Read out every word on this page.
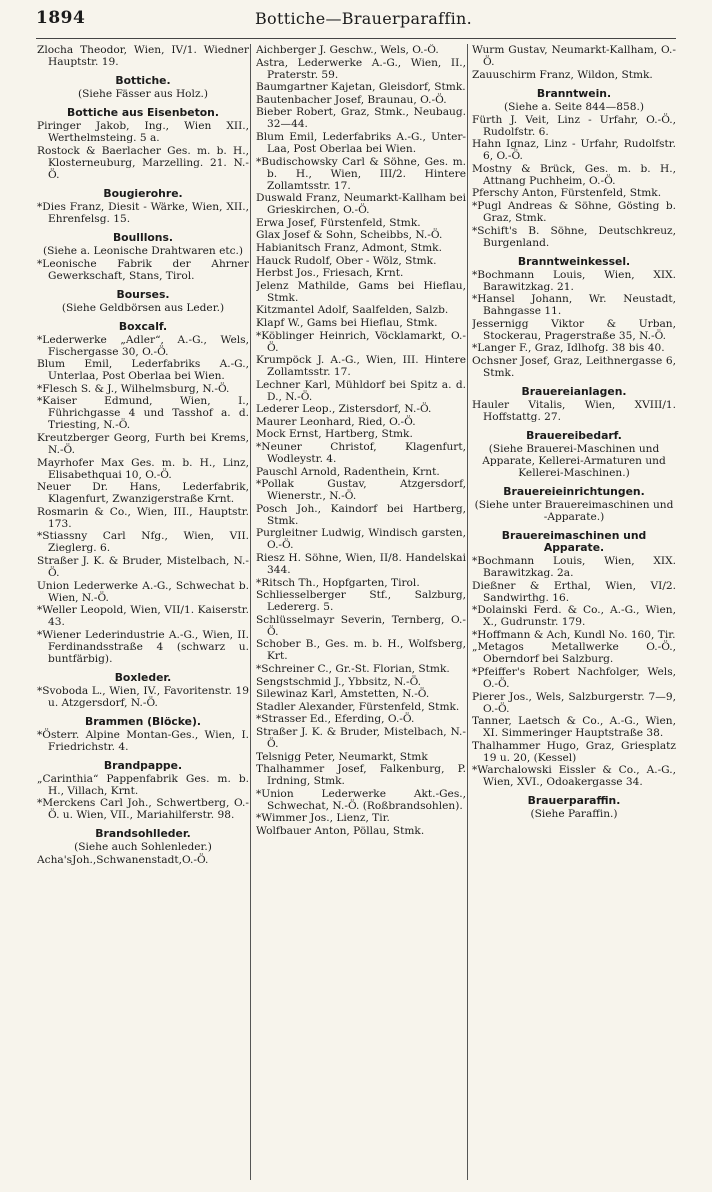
1894	Bottiche—Brauerparaffin.
Zlocha Theodor, Wien, IV/1. Wiedner Hauptstr. 19.
Bottiche.
(Siehe Fässer aus Holz.)
Bottiche aus Eisenbeton.
Piringer Jakob, Ing., Wien XII., Werthelmsteing. 5 a.
Rostock & Baerlacher Ges. m. b. H., Klosterneuburg, Marzelling. 21. N.-Ö.
Bougierohre.
*Dies Franz, Diesit - Wärke, Wien, XII., Ehrenfelsg. 15.
Boulllons.
(Siehe a. Leonische Drahtwaren etc.)
*Leonische Fabrik der Ahrner Gewerkschaft, Stans, Tirol.
Bourses.
(Siehe Geldbörsen aus Leder.)
Boxcalf.
*Lederwerke „Adler“, A.-G., Wels, Fischergasse 30, O.-Ö.
Blum Emil, Lederfabriks A.-G., Unterlaa, Post Oberlaa bei Wien.
*Flesch S. & J., Wilhelmsburg, N.-Ö.
*Kaiser Edmund, Wien, I., Führichgasse 4 und Tasshof a. d. Triesting, N.-Ö.
Kreutzberger Georg, Furth bei Krems, N.-Ö.
Mayrhofer Max Ges. m. b. H., Linz, Elisabethquai 10, O.-Ö.
Neuer Dr. Hans, Lederfabrik, Klagenfurt, Zwanzigerstraße Krnt.
Rosmarin & Co., Wien, III., Hauptstr. 173.
*Stiassny Carl Nfg., Wien, VII. Zieglerg. 6.
Straßer J. K. & Bruder, Mistelbach, N.-Ö.
Union Lederwerke A.-G., Schwechat b. Wien, N.-Ö.
*Weller Leopold, Wien, VII/1. Kaiserstr. 43.
*Wiener Lederindustrie A.-G., Wien, II. Ferdinandsstraße 4 (schwarz u. buntfärbig).
Boxleder.
*Svoboda L., Wien, IV., Favoritenstr. 19 u. Atzgersdorf, N.-Ö.
Brammen (Blöcke).
*Österr. Alpine Montan-Ges., Wien, I. Friedrichstr. 4.
Brandpappe.
„Carinthia“ Pappenfabrik Ges. m. b. H., Villach, Krnt.
*Merckens Carl Joh., Schwertberg, O.-Ö. u. Wien, VII., Mariahilferstr. 98.
Brandsohlleder.
(Siehe auch Sohlenleder.)
Acha'sJoh.,Schwanenstadt,O.-Ö.
Aichberger J. Geschw., Wels, O.-Ö.
Astra, Lederwerke A.-G., Wien, II., Praterstr. 59.
Baumgartner Kajetan, Gleisdorf, Stmk.
Bautenbacher Josef, Braunau, O.-Ö.
Bieber Robert, Graz, Stmk., Neubaug. 32—44.
Blum Emil, Lederfabriks A.-G., Unter-Laa, Post Oberlaa bei Wien.
*Budischowsky Carl & Söhne, Ges. m. b. H., Wien, III/2. Hintere Zollamtsstr. 17.
Duswald Franz, Neumarkt-Kallham bei Grieskirchen, O.-Ö.
Erwa Josef, Fürstenfeld, Stmk.
Glax Josef & Sohn, Scheibbs, N.-Ö.
Habianitsch Franz, Admont, Stmk.
Hauck Rudolf, Ober - Wölz, Stmk.
Herbst Jos., Friesach, Krnt.
Jelenz Mathilde, Gams bei Hieflau, Stmk.
Kitzmantel Adolf, Saalfelden, Salzb.
Klapf W., Gams bei Hieflau, Stmk.
*Köblinger Heinrich, Vöcklamarkt, O.-Ö.
Krumpöck J. A.-G., Wien, III. Hintere Zollamtsstr. 17.
Lechner Karl, Mühldorf bei Spitz a. d. D., N.-Ö.
Lederer Leop., Zistersdorf, N.-Ö.
Maurer Leonhard, Ried, O.-Ö.
Mock Ernst, Hartberg, Stmk.
*Neuner Christof, Klagenfurt, Wodleystr. 4.
Pauschl Arnold, Radenthein, Krnt.
*Pollak Gustav, Atzgersdorf, Wienerstr., N.-Ö.
Posch Joh., Kaindorf bei Hartberg, Stmk.
Purgleitner Ludwig, Windisch garsten, O.-Ö.
Riesz H. Söhne, Wien, II/8. Handelskai 344.
*Ritsch Th., Hopfgarten, Tirol.
Schliesselberger Stf., Salzburg, Ledererg. 5.
Schlüsselmayr Severin, Ternberg, O.-Ö.
Schober B., Ges. m. b. H., Wolfsberg, Krt.
*Schreiner C., Gr.-St. Florian, Stmk.
Sengstschmid J., Ybbsitz, N.-Ö.
Silewinaz Karl, Amstetten, N.-Ö.
Stadler Alexander, Fürstenfeld, Stmk.
*Strasser Ed., Eferding, O.-Ö.
Straßer J. K. & Bruder, Mistelbach, N.-Ö.
Telsnigg Peter, Neumarkt, Stmk
Thalhammer Josef, Falkenburg, P. Irdning, Stmk.
*Union Lederwerke Akt.-Ges., Schwechat, N.-Ö. (Roßbrandsohlen).
*Wimmer Jos., Lienz, Tir.
Wolfbauer Anton, Pöllau, Stmk.
Wurm Gustav, Neumarkt-Kallham, O.-Ö.
Zauuschirm Franz, Wildon, Stmk.
Branntwein.
(Siehe a. Seite 844—858.)
Fürth J. Veit, Linz - Urfahr, O.-Ö., Rudolfstr. 6.
Hahn Ignaz, Linz - Urfahr, Rudolfstr. 6, O.-Ö.
Mostny & Brück, Ges. m. b. H., Attnang Puchheim, O.-Ö.
Pferschy Anton, Fürstenfeld, Stmk.
*Pugl Andreas & Söhne, Gösting b. Graz, Stmk.
*Schift's B. Söhne, Deutschkreuz, Burgenland.
Branntweinkessel.
*Bochmann Louis, Wien, XIX. Barawitzkag. 21.
*Hansel Johann, Wr. Neustadt, Bahngasse 11.
Jessernigg Viktor & Urban, Stockerau, Pragerstraße 35, N.-Ö.
*Langer F., Graz, Idlhofg. 38 bis 40.
Ochsner Josef, Graz, Leithnergasse 6, Stmk.
Brauereianlagen.
Hauler Vitalis, Wien, XVIII/1. Hoffstattg. 27.
Brauereibedarf.
(Siehe Brauerei-Maschinen und Apparate, Kellerei-Armaturen und Kellerei-Maschinen.)
Brauereieinrichtungen.
(Siehe unter Brauereimaschinen und -Apparate.)
Brauereimaschinen und Apparate.
*Bochmann Louis, Wien, XIX. Barawitzkag. 2a.
Dießner & Erthal, Wien, VI/2. Sandwirthg. 16.
*Dolainski Ferd. & Co., A.-G., Wien, X., Gudrunstr. 179.
*Hoffmann & Ach, Kundl No. 160, Tir.
„Metagos Metallwerke O.-Ö., Oberndorf bei Salzburg.
*Pfeiffer's Robert Nachfolger, Wels, O.-Ö.
Pierer Jos., Wels, Salzburgerstr. 7—9, O.-Ö.
Tanner, Laetsch & Co., A.-G., Wien, XI. Simmeringer Hauptstraße 38.
Thalhammer Hugo, Graz, Griesplatz 19 u. 20, (Kessel)
*Warchalowski Eissler & Co., A.-G., Wien, XVI., Odoakergasse 34.
Brauerparaffin.
(Siehe Paraffin.)
